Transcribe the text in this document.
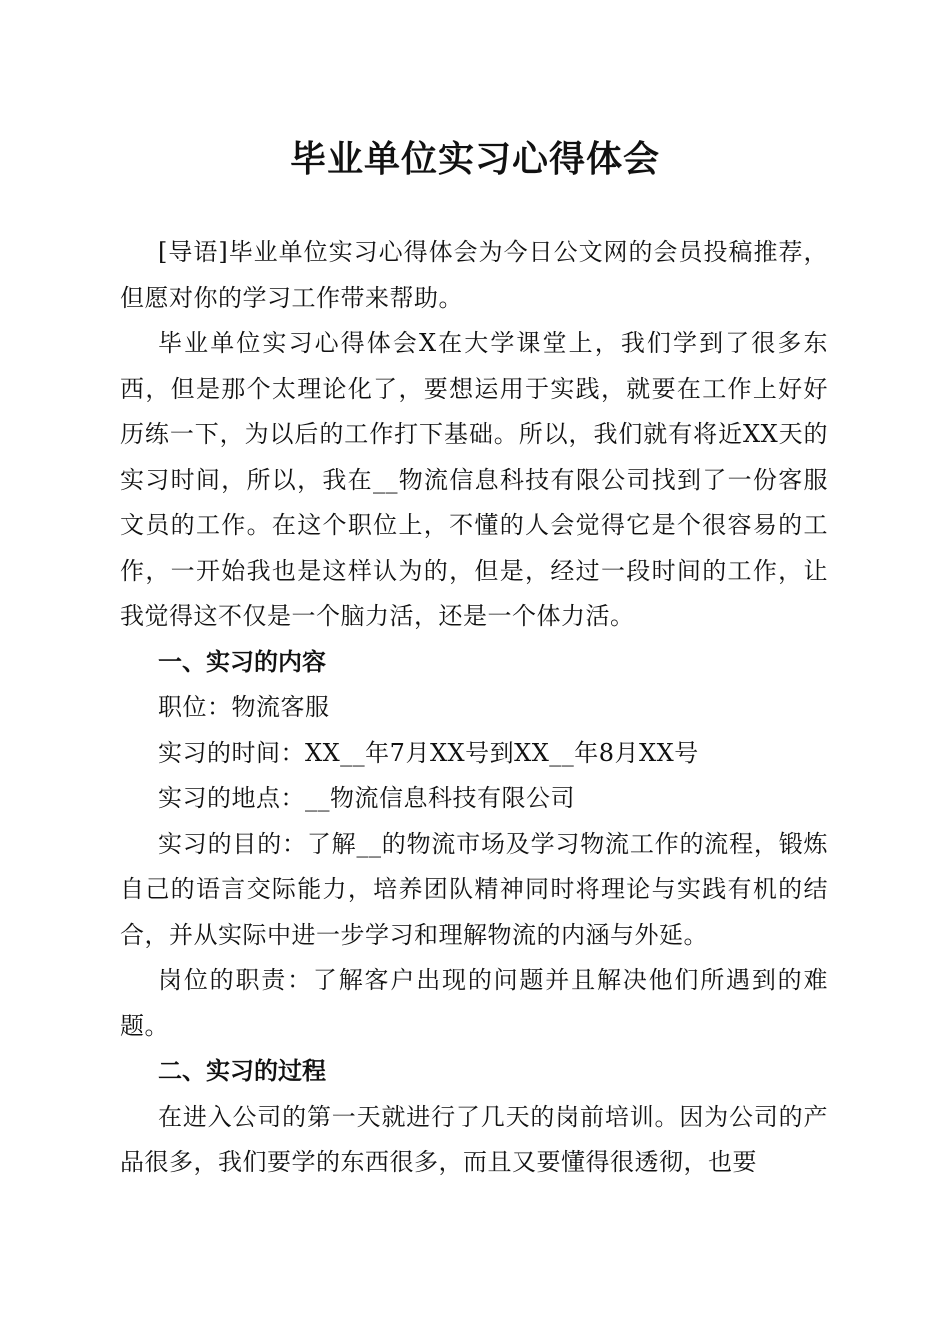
毕业单位实习心得体会

[导语]毕业单位实习心得体会为今日公文网的会员投稿推荐，但愿对你的学习工作带来帮助。

毕业单位实习心得体会X在大学课堂上，我们学到了很多东西，但是那个太理论化了，要想运用于实践，就要在工作上好好历练一下，为以后的工作打下基础。所以，我们就有将近XX天的实习时间，所以，我在__物流信息科技有限公司找到了一份客服文员的工作。在这个职位上，不懂的人会觉得它是个很容易的工作，一开始我也是这样认为的，但是，经过一段时间的工作，让我觉得这不仅是一个脑力活，还是一个体力活。

一、实习的内容

职位：物流客服

实习的时间：XX__年7月XX号到XX__年8月XX号

实习的地点：__物流信息科技有限公司

实习的目的：了解__的物流市场及学习物流工作的流程，锻炼自己的语言交际能力，培养团队精神同时将理论与实践有机的结合，并从实际中进一步学习和理解物流的内涵与外延。

岗位的职责：了解客户出现的问题并且解决他们所遇到的难题。

二、实习的过程

在进入公司的第一天就进行了几天的岗前培训。因为公司的产品很多，我们要学的东西很多，而且又要懂得很透彻，也要
